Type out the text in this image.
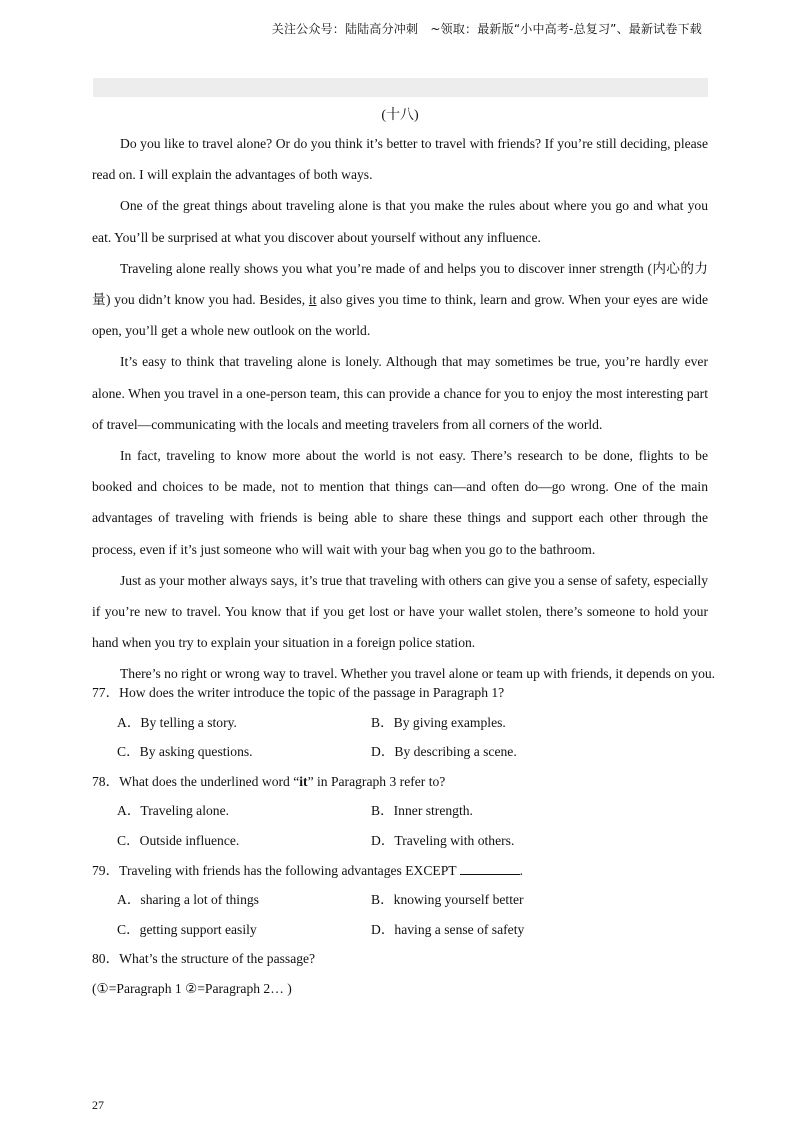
关注公众号：陆陆高分冲刺　~领取：最新版“小中高考-总复习”、最新试卷下载
(十八)

Do you like to travel alone? Or do you think it’s better to travel with friends? If you’re still deciding, please read on. I will explain the advantages of both ways.

One of the great things about traveling alone is that you make the rules about where you go and what you eat. You’ll be surprised at what you discover about yourself without any influence.

Traveling alone really shows you what you’re made of and helps you to discover inner strength (内心的力量) you didn’t know you had. Besides, it also gives you time to think, learn and grow. When your eyes are wide open, you’ll get a whole new outlook on the world.

It’s easy to think that traveling alone is lonely. Although that may sometimes be true, you’re hardly ever alone. When you travel in a one-person team, this can provide a chance for you to enjoy the most interesting part of travel—communicating with the locals and meeting travelers from all corners of the world.

In fact, traveling to know more about the world is not easy. There’s research to be done, flights to be booked and choices to be made, not to mention that things can—and often do—go wrong. One of the main advantages of traveling with friends is being able to share these things and support each other through the process, even if it’s just someone who will wait with your bag when you go to the bathroom.

Just as your mother always says, it’s true that traveling with others can give you a sense of safety, especially if you’re new to travel. You know that if you get lost or have your wallet stolen, there’s someone to hold your hand when you try to explain your situation in a foreign police station.

There’s no right or wrong way to travel. Whether you travel alone or team up with friends, it depends on you.

77．How does the writer introduce the topic of the passage in Paragraph 1?
A．By telling a story.	B．By giving examples.
C．By asking questions.	D．By describing a scene.
78．What does the underlined word “it” in Paragraph 3 refer to?
A．Traveling alone.	B．Inner strength.
C．Outside influence.	D．Traveling with others.
79．Traveling with friends has the following advantages EXCEPT	.
A．sharing a lot of things	B．knowing yourself better
C．getting support easily	D．having a sense of safety
80．What’s the structure of the passage?
(①=Paragraph 1 ②=Paragraph 2… )
27
